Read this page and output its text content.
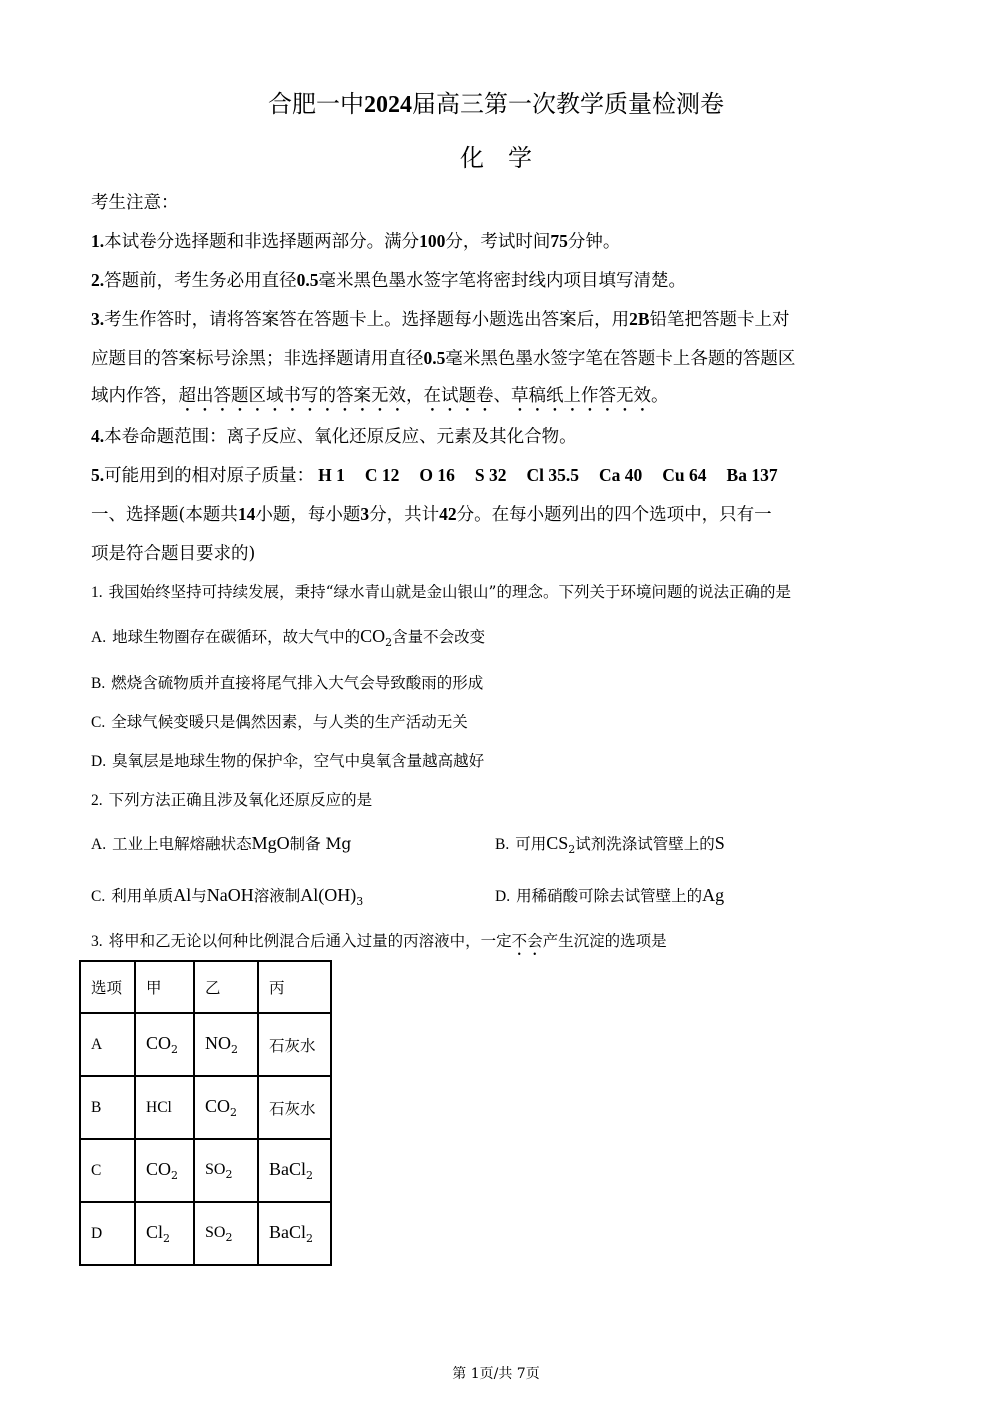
合肥一中2024届高三第一次教学质量检测卷
化学
考生注意：
1.本试卷分选择题和非选择题两部分。满分100分，考试时间75分钟。
2.答题前，考生务必用直径0.5毫米黑色墨水签字笔将密封线内项目填写清楚。
3.考生作答时，请将答案答在答题卡上。选择题每小题选出答案后，用2B铅笔把答题卡上对
应题目的答案标号涂黑；非选择题请用直径0.5毫米黑色墨水签字笔在答题卡上各题的答题区
域内作答，超出答题区域书写的答案无效，在试题卷、草稿纸上作答无效。
4.本卷命题范围：离子反应、氧化还原反应、元素及其化合物。
5.可能用到的相对原子质量： H 1 C 12 O 16 S 32 Cl 35.5 Ca 40 Cu 64 Ba 137
一、选择题(本题共14小题，每小题3分，共计42分。在每小题列出的四个选项中，只有一
项是符合题目要求的)
1. 我国始终坚持可持续发展，秉持“绿水青山就是金山银山”的理念。下列关于环境问题的说法正确的是
A. 地球生物圈存在碳循环，故大气中的$CO_2$含量不会改变
B. 燃烧含硫物质并直接将尾气排入大气会导致酸雨的形成
C. 全球气候变暖只是偶然因素，与人类的生产活动无关
D. 臭氧层是地球生物的保护伞，空气中臭氧含量越高越好
2. 下列方法正确且涉及氧化还原反应的是
A. 工业上电解熔融状态MgO制备 Mg	B. 可用$CS_2$试剂洗涤试管壁上的S
C. 利用单质Al与NaOH溶液制$Al(OH)_3$	D. 用稀硝酸可除去试管壁上的Ag
3. 将甲和乙无论以何种比例混合后通入过量的丙溶液中，一定不会产生沉淀的选项是
选项	甲	乙	丙
A	$CO_2$	$NO_2$	石灰水
B	HCl	$CO_2$	石灰水
C	$CO_2$	$SO_2$	BaCl$_2$
D	$Cl_2$	$SO_2$	BaCl$_2$
第 1页/共 7页
